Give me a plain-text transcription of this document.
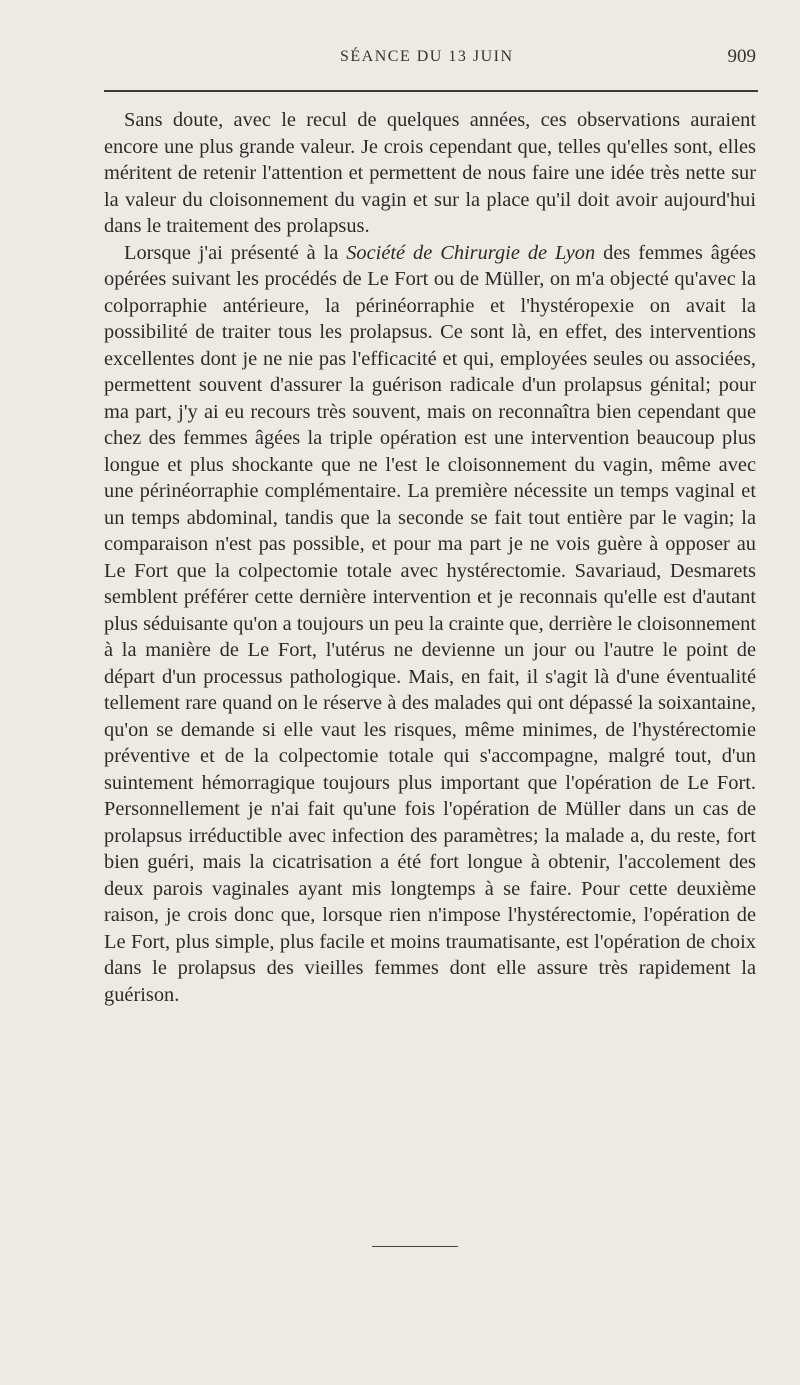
SÉANCE DU 13 JUIN	909

Sans doute, avec le recul de quelques années, ces observations auraient encore une plus grande valeur. Je crois cependant que, telles qu'elles sont, elles méritent de retenir l'attention et permettent de nous faire une idée très nette sur la valeur du cloisonnement du vagin et sur la place qu'il doit avoir aujourd'hui dans le traitement des prolapsus.

Lorsque j'ai présenté à la Société de Chirurgie de Lyon des femmes âgées opérées suivant les procédés de Le Fort ou de Müller, on m'a objecté qu'avec la colporraphie antérieure, la périnéorraphie et l'hystéropexie on avait la possibilité de traiter tous les prolapsus. Ce sont là, en effet, des interventions excellentes dont je ne nie pas l'efficacité et qui, employées seules ou associées, permettent souvent d'assurer la guérison radicale d'un prolapsus génital; pour ma part, j'y ai eu recours très souvent, mais on reconnaîtra bien cependant que chez des femmes âgées la triple opération est une intervention beaucoup plus longue et plus shockante que ne l'est le cloisonnement du vagin, même avec une périnéorraphie complémentaire. La première nécessite un temps vaginal et un temps abdominal, tandis que la seconde se fait tout entière par le vagin; la comparaison n'est pas possible, et pour ma part je ne vois guère à opposer au Le Fort que la colpectomie totale avec hystérectomie. Savariaud, Desmarets semblent préférer cette dernière intervention et je reconnais qu'elle est d'autant plus séduisante qu'on a toujours un peu la crainte que, derrière le cloisonnement à la manière de Le Fort, l'utérus ne devienne un jour ou l'autre le point de départ d'un processus pathologique. Mais, en fait, il s'agit là d'une éventualité tellement rare quand on le réserve à des malades qui ont dépassé la soixantaine, qu'on se demande si elle vaut les risques, même minimes, de l'hystérectomie préventive et de la colpectomie totale qui s'accompagne, malgré tout, d'un suintement hémorragique toujours plus important que l'opération de Le Fort. Personnellement je n'ai fait qu'une fois l'opération de Müller dans un cas de prolapsus irréductible avec infection des paramètres; la malade a, du reste, fort bien guéri, mais la cicatrisation a été fort longue à obtenir, l'accolement des deux parois vaginales ayant mis longtemps à se faire. Pour cette deuxième raison, je crois donc que, lorsque rien n'impose l'hystérectomie, l'opération de Le Fort, plus simple, plus facile et moins traumatisante, est l'opération de choix dans le prolapsus des vieilles femmes dont elle assure très rapidement la guérison.
